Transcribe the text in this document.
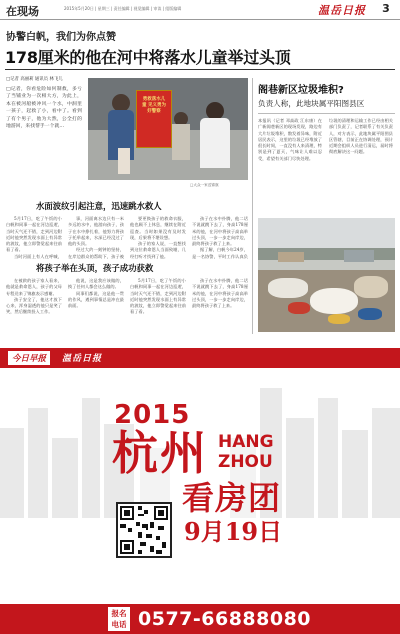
在现场	2015年5月20日 | 星期三 | 责任编辑 | 视觉编辑 | 审读 | 组版编辑	温岳日报	3
协警白帆，我们为你点赞
178厘米的他在河中将落水儿童举过头顶
□记者 高丽莉 通讯员 林飞儿
□记者，你看危险如何制救，多亏了当铺业为一次相大方，为此上，本在被河船被冲风一个水，中洞里一孩子，起救了小，看中了。看到了有个男子，他为大然，公全打的地游回，来找帮手一个就…
勇救落水儿童 见义勇为好警察
□大众一家送锦旗
水面波纹引起注意，迅速跳水救人

5月17日，吃了午饭的小白帆和同事一起在河边巡逻，当时天气还不错，走到河边附近时他突然发现水面上有异常的波纹，他立即警觉起来往前看了看。

当时河面上有人在呼喊，

事，河面离水边只有一米多远的水中，他游向孩子，孩子在水中挣扎着，他努力将孩子托举起来，水深已经没过了他的头顶。

经过大约一刻钟的坚持，在岸边群众的帮助下，孩子被

要更换孩子的救命衣服，他也顾不上休息，继续在附近巡查。当时如果没有及时发现，后果将不堪设想。

孩子的家人说，一直想找到这位救命恩人当面致谢，几经打听才找到了他。

孩子在水中扑腾，他二话不说就跳下去了，身高178厘米的他，在河中将孩子高高举过头顶，一步一步走向岸边，最终将孩子救了上来。

据了解，白帆今年24岁，是一名协警，平时工作认真负

将孩子举在头顶，孩子成功获救

在被救的孩子家人看来，他就是救命恩人，孩子的父母专程送来了锦旗表示感谢。

孩子安全了，他这才放下心来，浑身湿透的他只是笑了笑，然后继续投入工作。

他说，这是我应该做的，换了任何人都会这么做的。

同事们都说，这是他一贯的作风，遇到事情总是冲在最前面。

5月17日，吃了午饭的小白帆和同事一起在河边巡逻，当时天气还不错，走到河边附近时他突然发现水面上有异常的波纹，他立即警觉起来往前看了看。

孩子在水中扑腾，他二话不说就跳下去了，身高178厘米的他，在河中将孩子高高举过头顶，一步一步走向岸边，最终将孩子救了上来。

阁巷新区垃圾堆积?
负责人称，此地块属平阳图县区
本报讯（记者 邓高政 江东康）在广新阁巷新区的现场发现，路边有大片垃圾堆积，散发着异味，附近居民表示，这里的垃圾已经堆放了很长时间，一直没有人来清理，特别是到了夏天，气味让人难以忍受，希望有关部门尽快处理。
垃圾的清理和运输工作已经由相关部门负责了，记者联系了有关负责人，对方表示，此地块属平阳图县区管辖，目前正在协调处理，预计近期会组织人员进行清运，届时将彻底解决这一问题。
今日早报	温岳日报
2015
杭州 HANG
ZHOU
看房团
9月19日
报名
电话 0577-66888080
